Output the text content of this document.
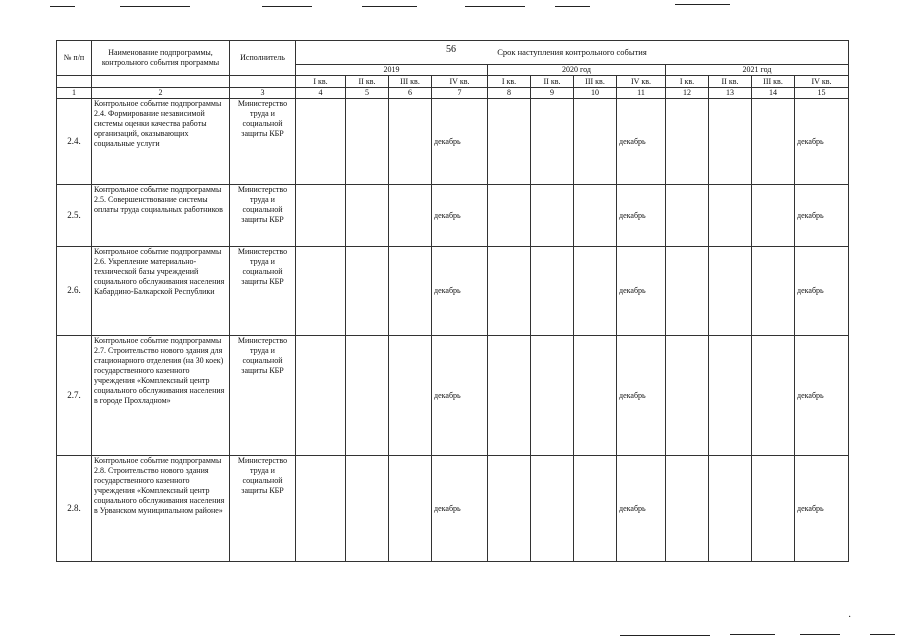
·
56
№ п/п	Наименование подпрограммы, контрольного события программы	Исполнитель	Срок наступления контрольного события											
			2019				2020 год				2021 год			
			I кв.	II кв.	III кв.	IV кв.	I кв.	II кв.	III кв.	IV кв.	I кв.	II кв.	III кв.	IV кв.
1	2	3	4	5	6	7	8	9	10	11	12	13	14	15
2.4.	Контрольное событие подпрограммы 2.4. Формирование независимой системы оценки качества работы организаций, оказывающих социальные услуги	Министерство труда и социальной защиты КБР				декабрь				декабрь				декабрь
2.5.	Контрольное событие подпрограммы 2.5. Совершенствование системы оплаты труда социальных работников	Министерство труда и социальной защиты КБР				декабрь				декабрь				декабрь
2.6.	Контрольное событие подпрограммы 2.6. Укрепление материально-технической базы учреждений социального обслуживания населения Кабардино-Балкарской Республики	Министерство труда и социальной защиты КБР				декабрь				декабрь				декабрь
2.7.	Контрольное событие подпрограммы 2.7. Строительство нового здания для стационарного отделения (на 30 коек) государственного казенного учреждения «Комплексный центр социального обслуживания населения в городе Прохладном»	Министерство труда и социальной защиты КБР				декабрь				декабрь				декабрь
2.8.	Контрольное событие подпрограммы 2.8. Строительство нового здания государственного казенного учреждения «Комплексный центр социального обслуживания населения в Урванском муниципальном районе»	Министерство труда и социальной защиты КБР				декабрь				декабрь				декабрь
